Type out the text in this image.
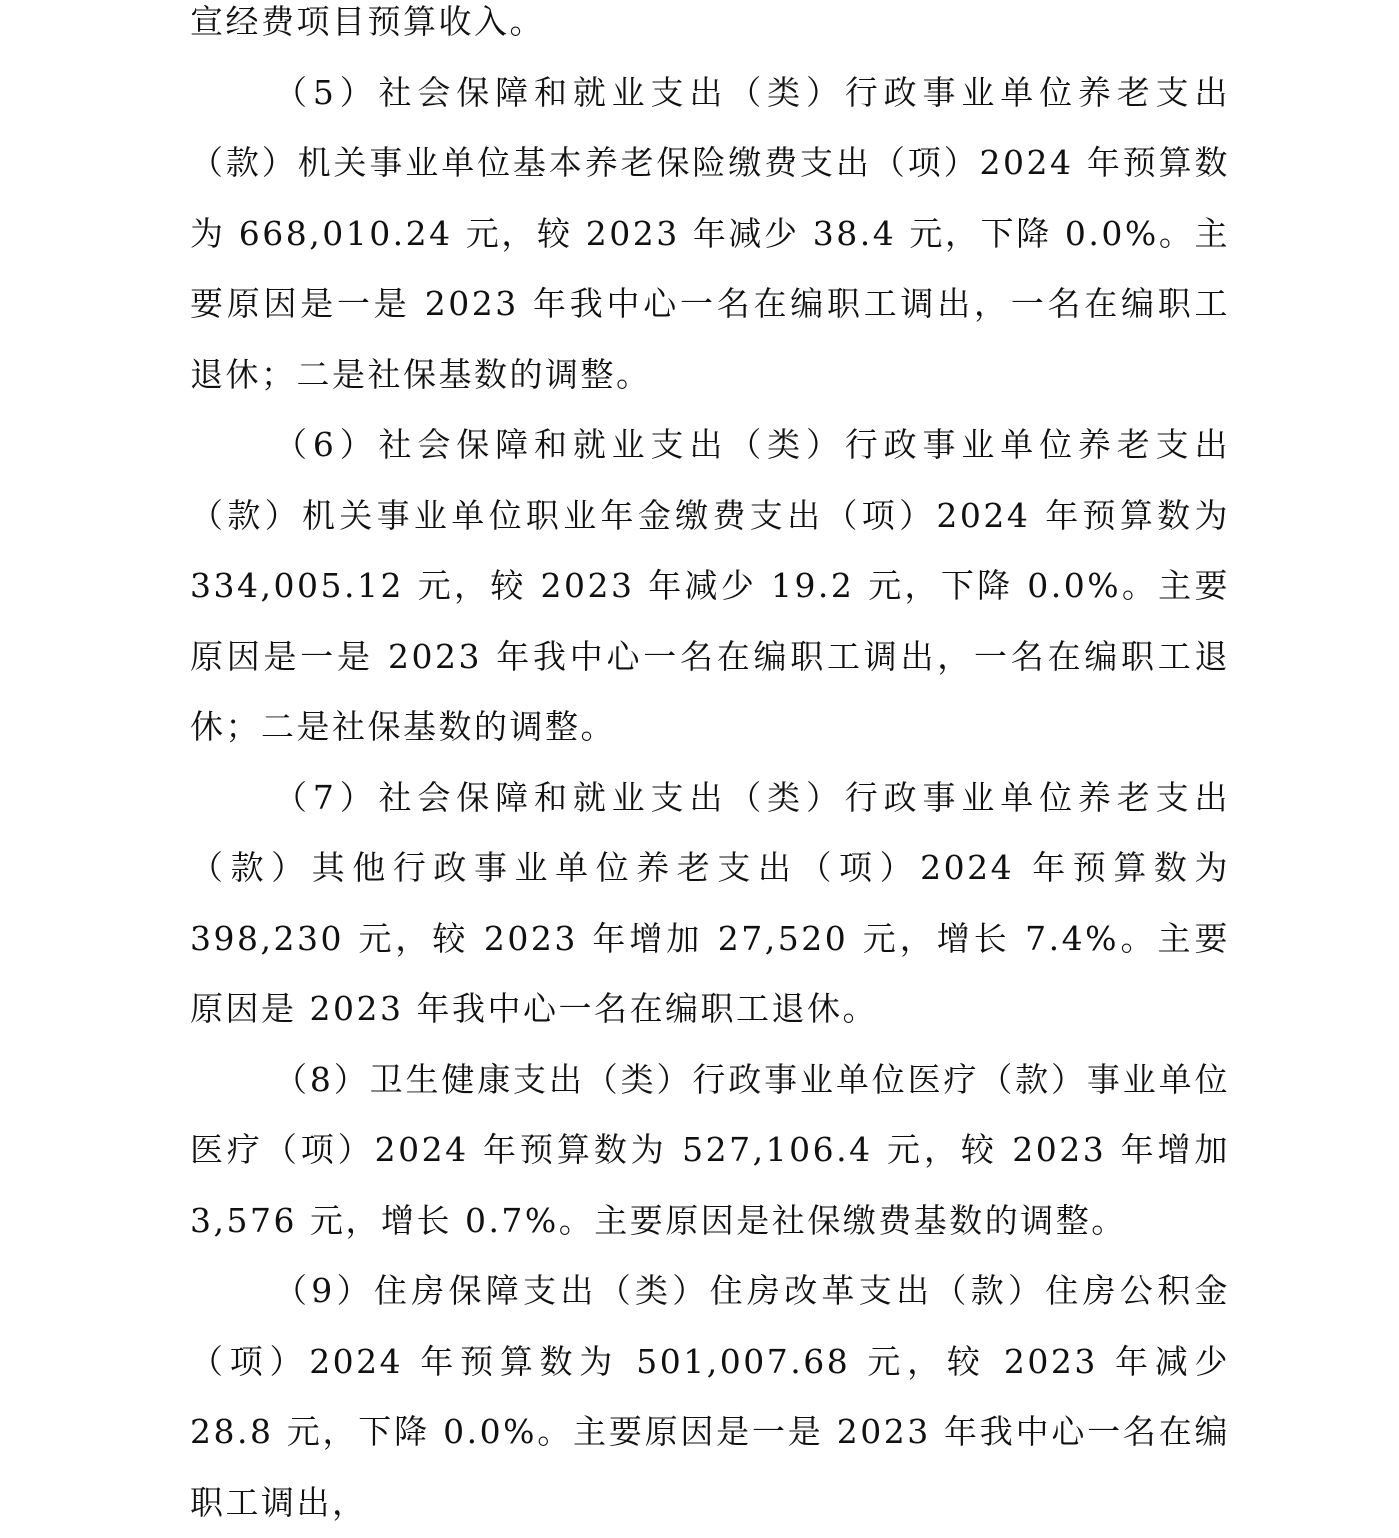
宣经费项目预算收入。

（5）社会保障和就业支出（类）行政事业单位养老支出（款）机关事业单位基本养老保险缴费支出（项）2024 年预算数为 668,010.24 元，较 2023 年减少 38.4 元，下降 0.0%。主要原因是一是 2023 年我中心一名在编职工调出，一名在编职工退休；二是社保基数的调整。

（6）社会保障和就业支出（类）行政事业单位养老支出（款）机关事业单位职业年金缴费支出（项）2024 年预算数为 334,005.12 元，较 2023 年减少 19.2 元，下降 0.0%。主要原因是一是 2023 年我中心一名在编职工调出，一名在编职工退休；二是社保基数的调整。

（7）社会保障和就业支出（类）行政事业单位养老支出（款）其他行政事业单位养老支出（项）2024 年预算数为 398,230 元，较 2023 年增加 27,520 元，增长 7.4%。主要原因是 2023 年我中心一名在编职工退休。

（8）卫生健康支出（类）行政事业单位医疗（款）事业单位医疗（项）2024 年预算数为 527,106.4 元，较 2023 年增加 3,576 元，增长 0.7%。主要原因是社保缴费基数的调整。

（9）住房保障支出（类）住房改革支出（款）住房公积金（项）2024 年预算数为 501,007.68 元，较 2023 年减少 28.8 元，下降 0.0%。主要原因是一是 2023 年我中心一名在编职工调出，
